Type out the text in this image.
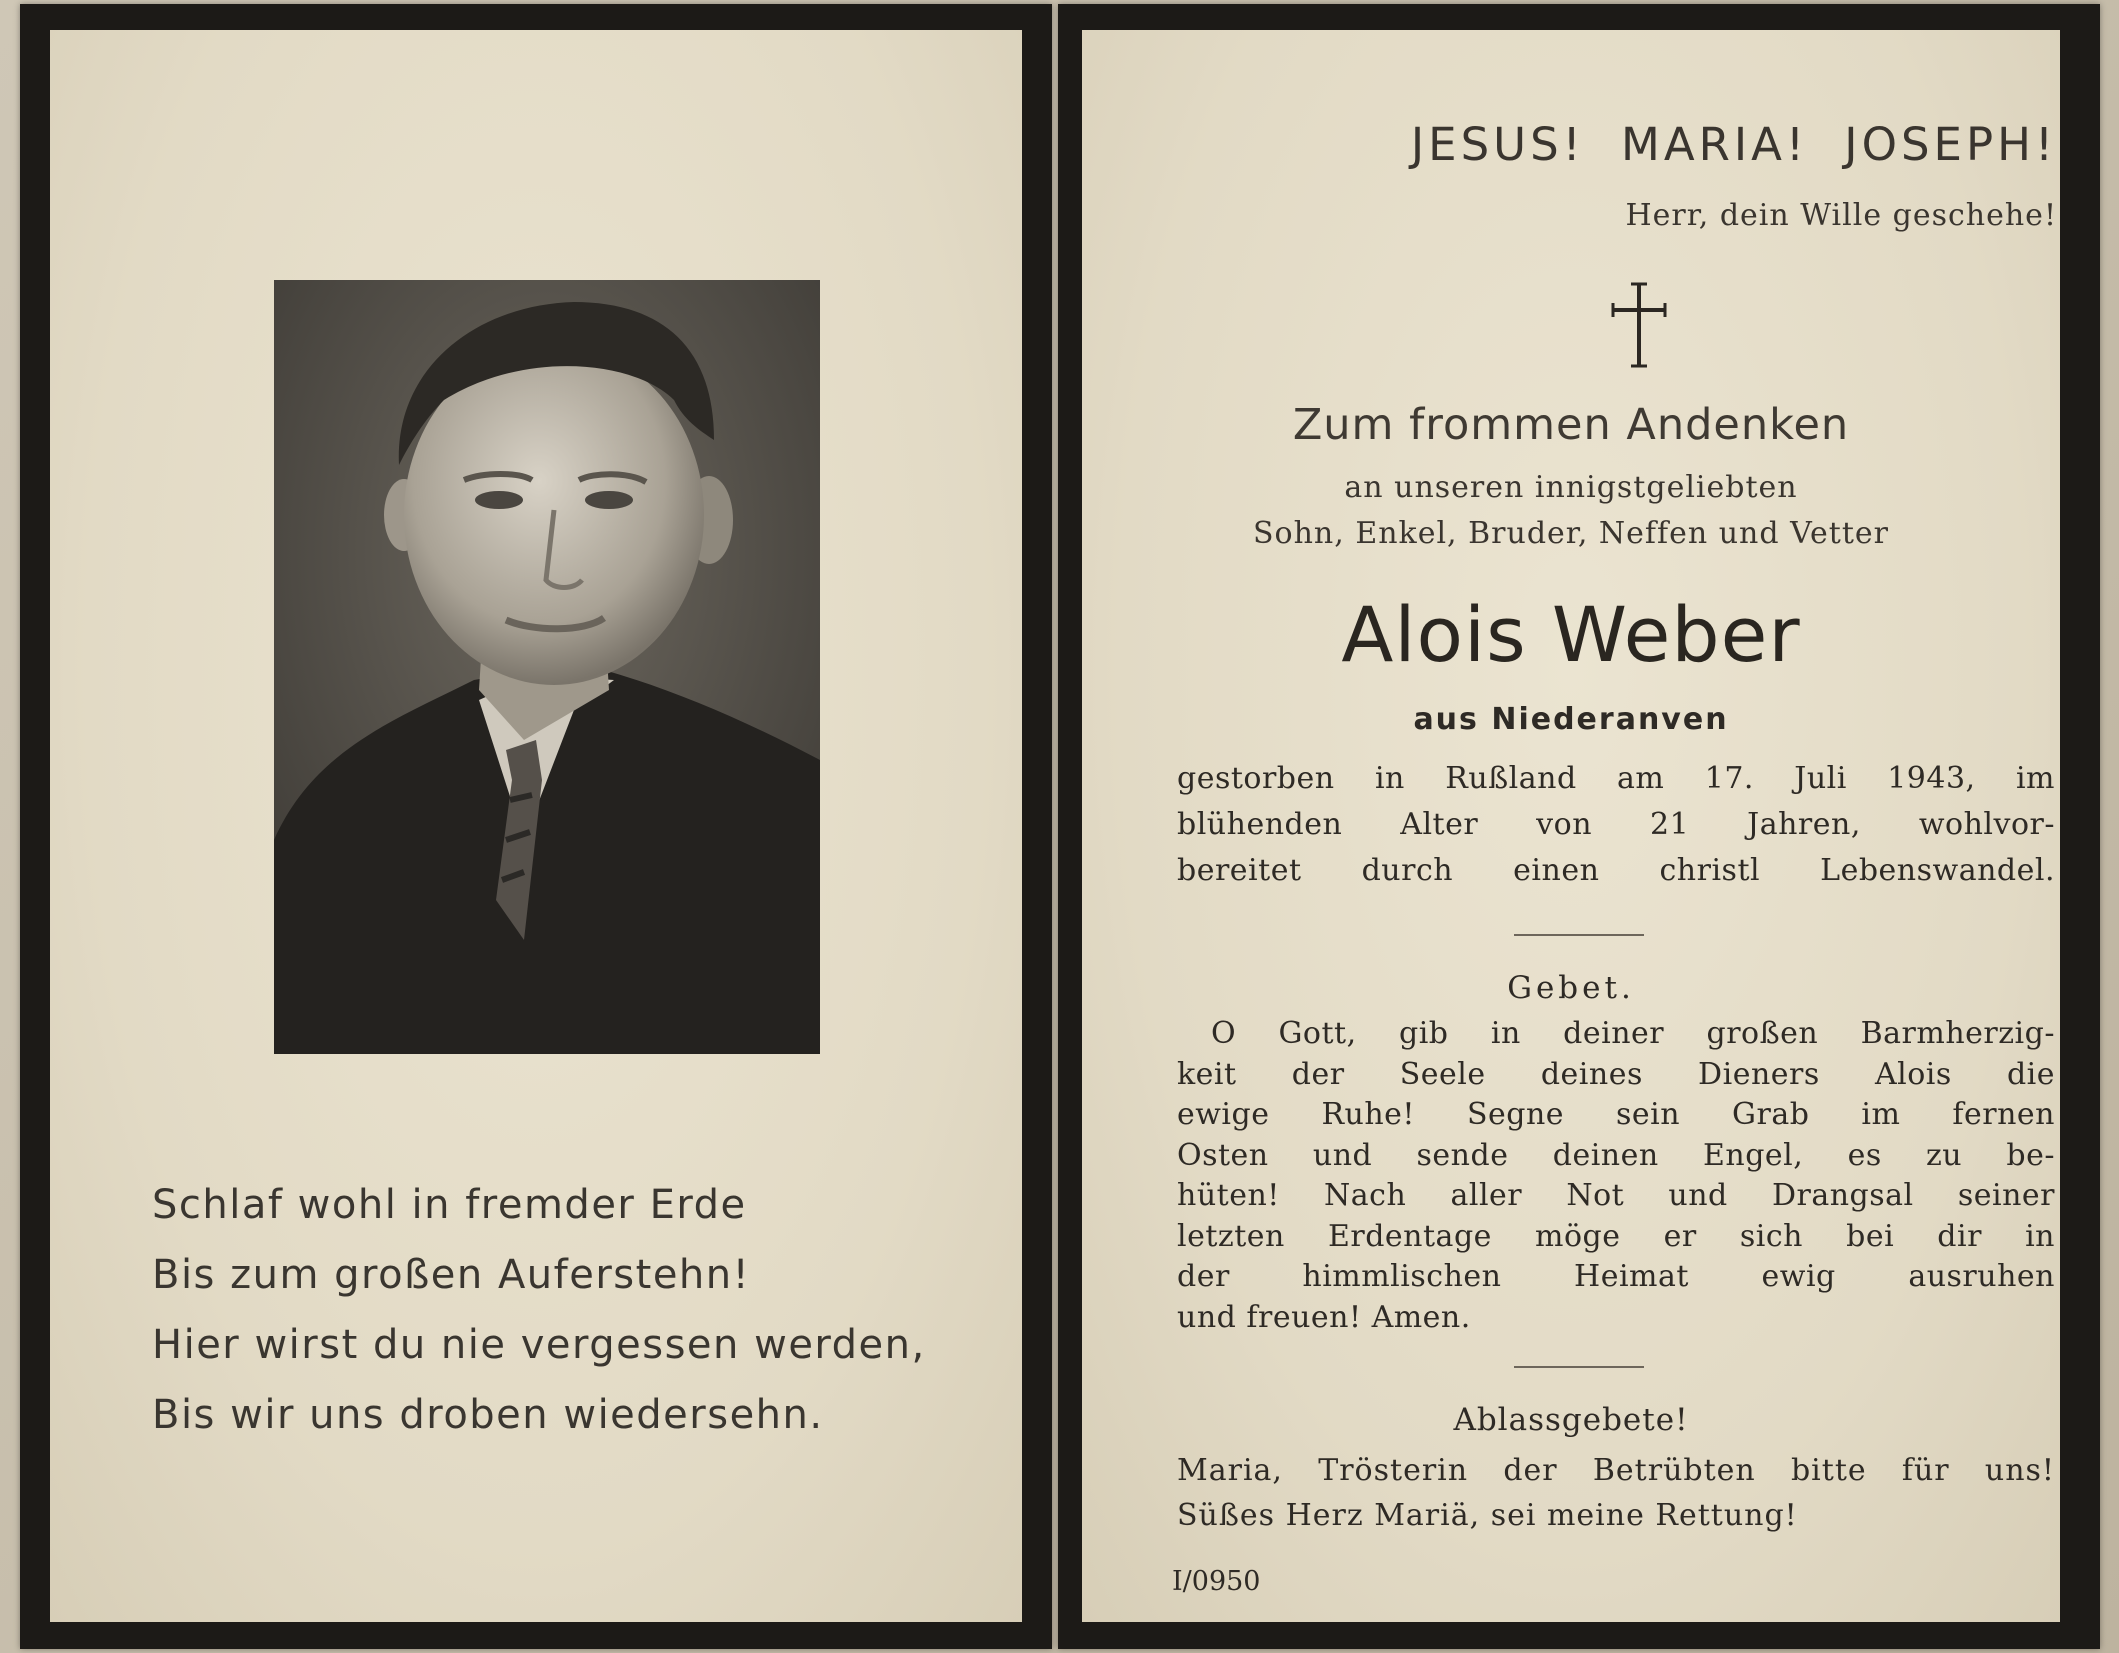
Schlaf wohl in fremder Erde
Bis zum großen Auferstehn!
Hier wirst du nie vergessen werden,
Bis wir uns droben wiedersehn.
JESUS! MARIA! JOSEPH!
Herr, dein Wille geschehe!
Zum frommen Andenken
an unseren innigstgeliebten
Sohn, Enkel, Bruder, Neffen und Vetter
Alois Weber
aus Niederanven
gestorben in Rußland am 17. Juli 1943, im
blühenden Alter von 21 Jahren, wohlvor-
bereitet durch einen christl Lebenswandel.
Gebet.
O Gott, gib in deiner großen Barmherzig-
keit der Seele deines Dieners Alois die
ewige Ruhe! Segne sein Grab im fernen
Osten und sende deinen Engel, es zu be-
hüten! Nach aller Not und Drangsal seiner
letzten Erdentage möge er sich bei dir in
der himmlischen Heimat ewig ausruhen
und freuen! Amen.
Ablassgebete!
Maria, Trösterin der Betrübten bitte für uns!
Süßes Herz Mariä, sei meine Rettung!
I/0950
